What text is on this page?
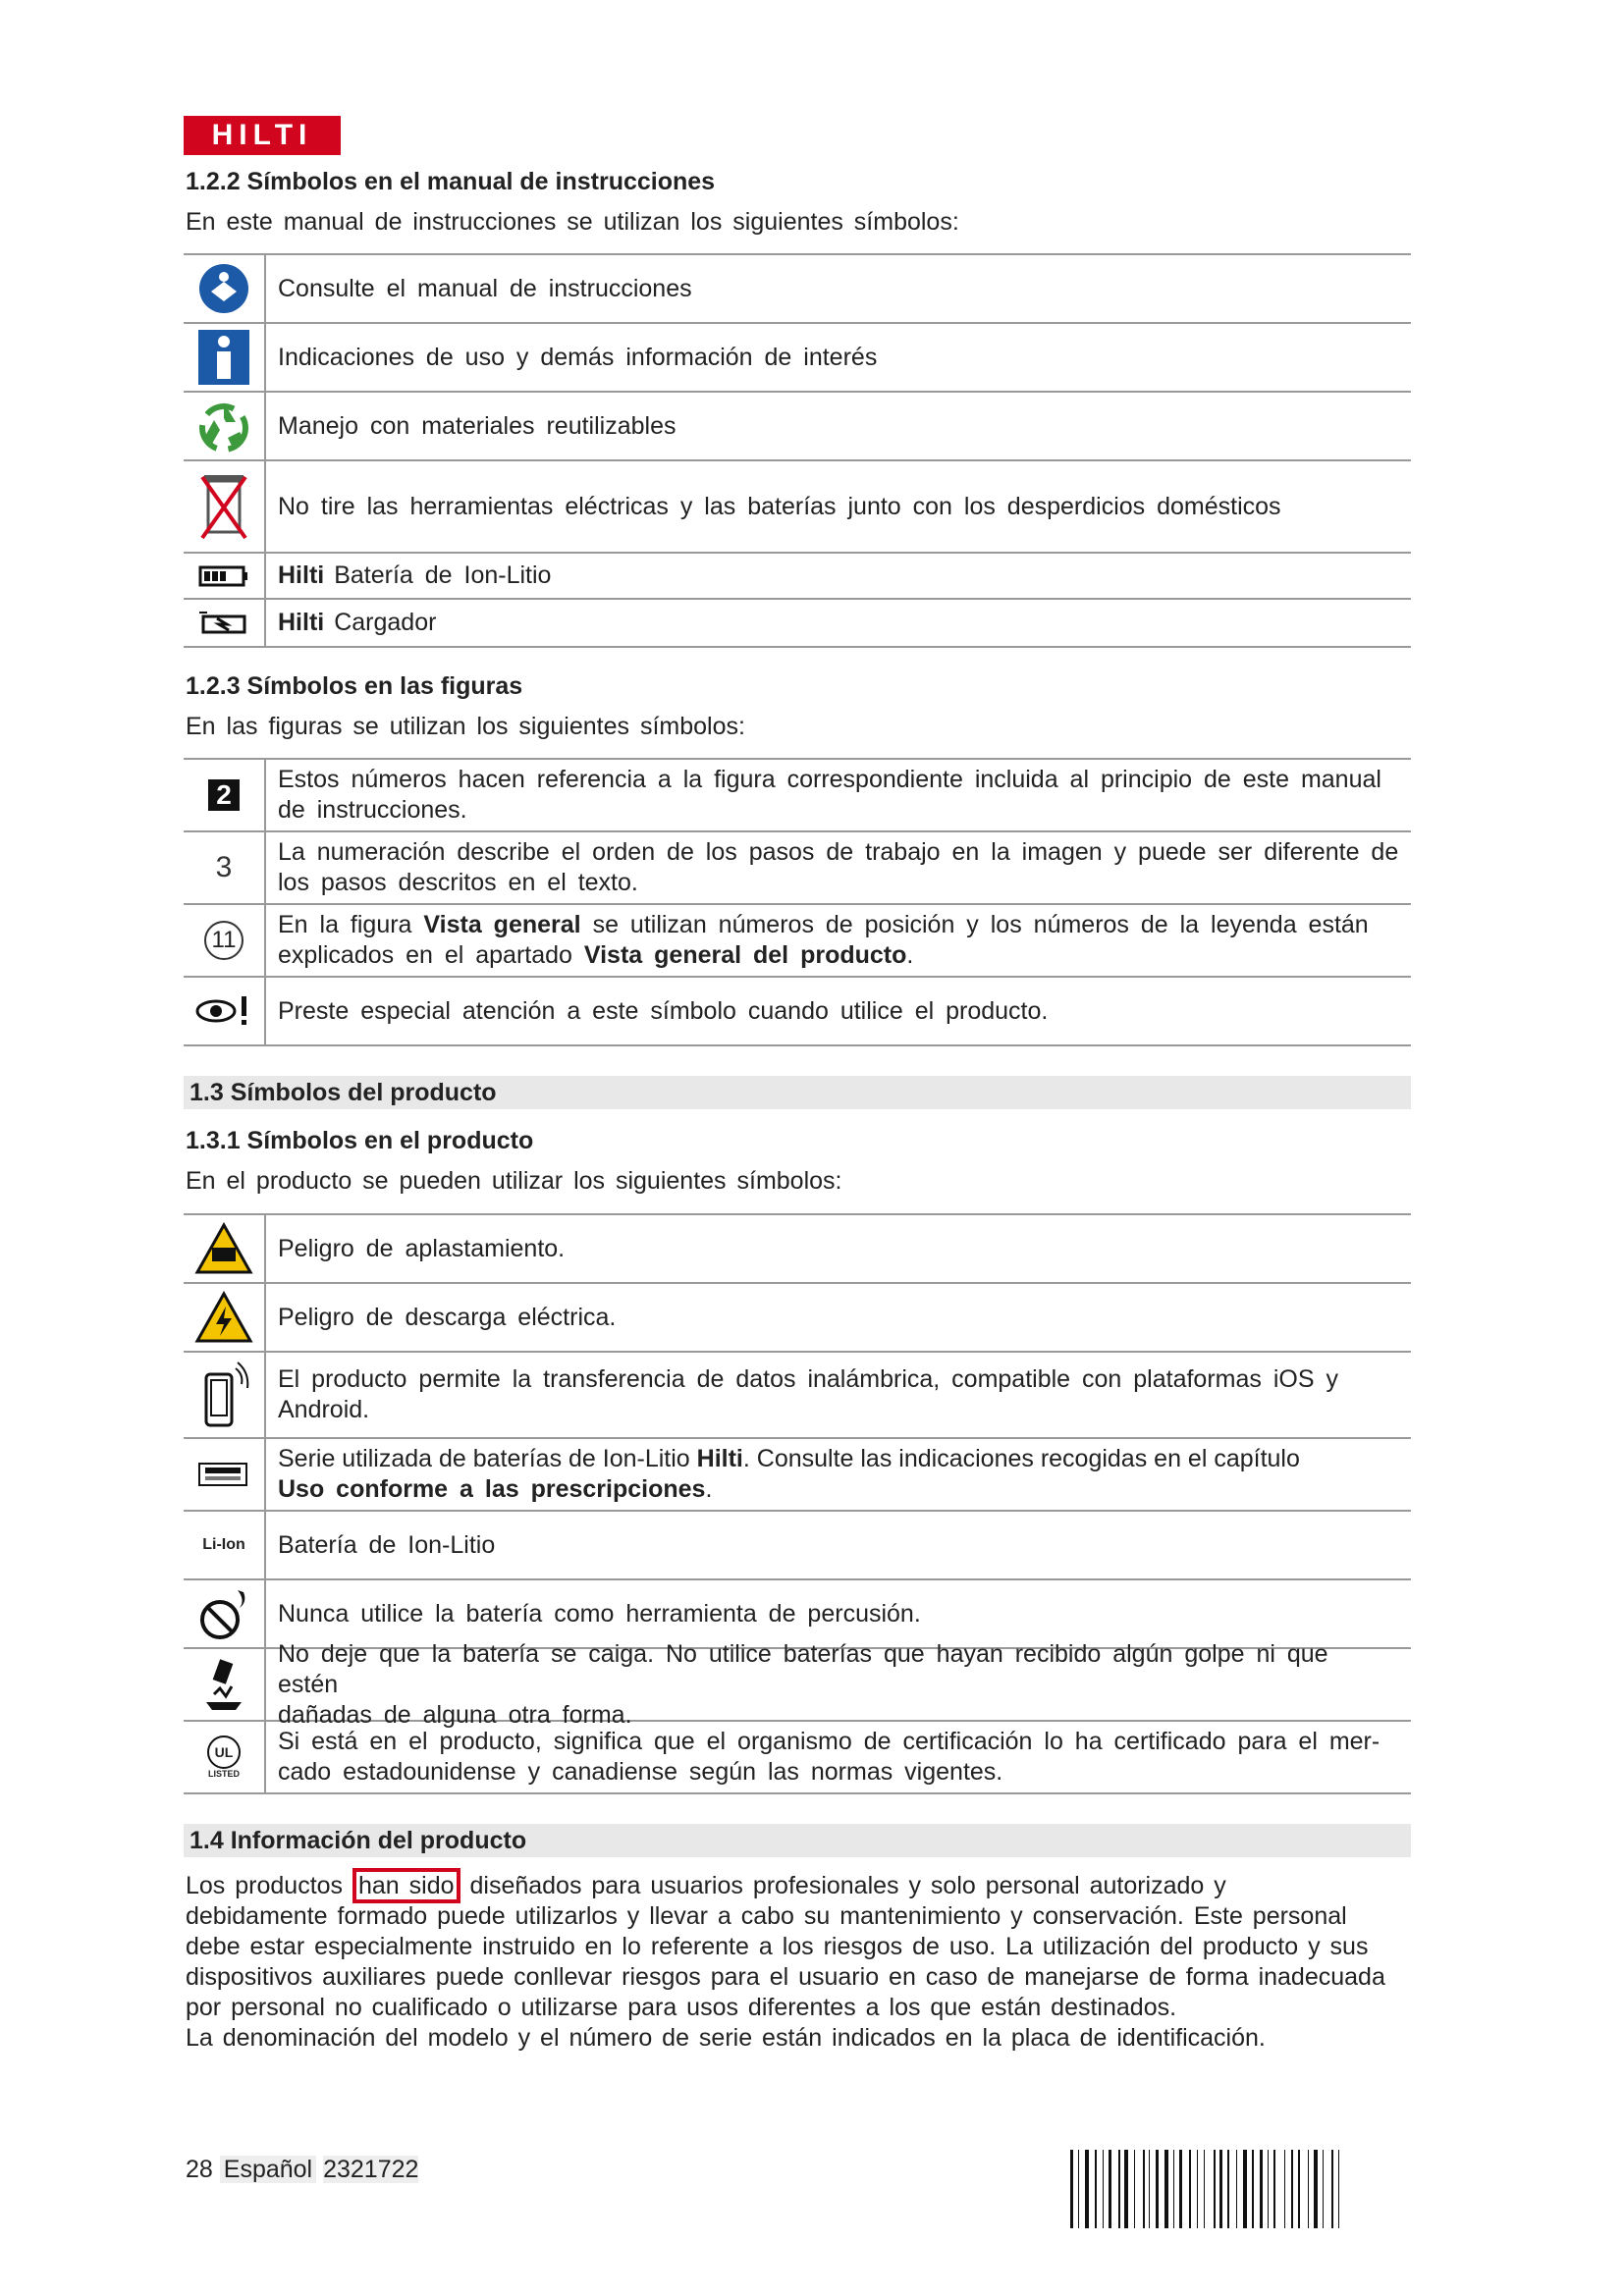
HILTI
1.2.2 Símbolos en el manual de instrucciones
En este manual de instrucciones se utilizan los siguientes símbolos:
Consulte el manual de instrucciones
Indicaciones de uso y demás información de interés
Manejo con materiales reutilizables
No tire las herramientas eléctricas y las baterías junto con los desperdicios domésticos
Hilti Batería de Ion-Litio
Hilti Cargador
1.2.3 Símbolos en las figuras
En las figuras se utilizan los siguientes símbolos:
2	Estos números hacen referencia a la figura correspondiente incluida al principio de este manual
de instrucciones.
3 La numeración describe el orden de los pasos de trabajo en la imagen y puede ser diferente de
los pasos descritos en el texto.
11
En la figura Vista general se utilizan números de posición y los números de la leyenda están
explicados en el apartado Vista general del producto.
Preste especial atención a este símbolo cuando utilice el producto.
1.3 Símbolos del producto
1.3.1 Símbolos en el producto
En el producto se pueden utilizar los siguientes símbolos:
Peligro de aplastamiento.
Peligro de descarga eléctrica.
El producto permite la transferencia de datos inalámbrica, compatible con plataformas iOS y
Android.
Serie utilizada de baterías de Ion-Litio Hilti. Consulte las indicaciones recogidas en el capítulo
Uso conforme a las prescripciones.
Li-Ion	Batería de Ion-Litio
Nunca utilice la batería como herramienta de percusión.
No deje que la batería se caiga. No utilice baterías que hayan recibido algún golpe ni que estén
dañadas de alguna otra forma.
UL
LISTED
Si está en el producto, significa que el organismo de certificación lo ha certificado para el mer-
cado estadounidense y canadiense según las normas vigentes.
1.4 Información del producto
Los productos han sido diseñados para usuarios profesionales y solo personal autorizado y
debidamente formado puede utilizarlos y llevar a cabo su mantenimiento y conservación. Este personal
debe estar especialmente instruido en lo referente a los riesgos de uso. La utilización del producto y sus
dispositivos auxiliares puede conllevar riesgos para el usuario en caso de manejarse de forma inadecuada
por personal no cualificado o utilizarse para usos diferentes a los que están destinados.
La denominación del modelo y el número de serie están indicados en la placa de identificación.
28 Español 2321722
